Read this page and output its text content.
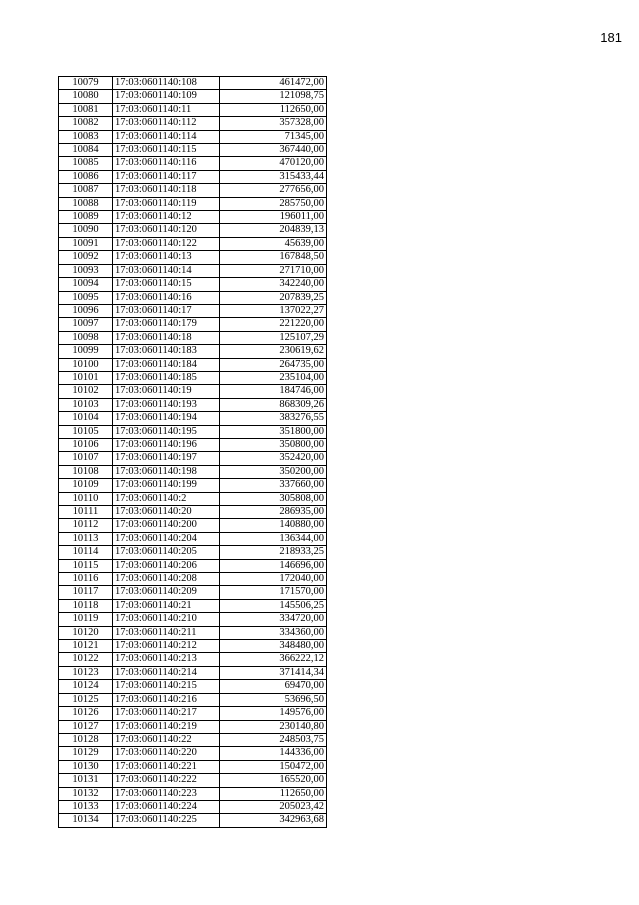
181
10079	17:03:0601140:108	461472,00
10080	17:03:0601140:109	121098,75
10081	17:03:0601140:11	112650,00
10082	17:03:0601140:112	357328,00
10083	17:03:0601140:114	71345,00
10084	17:03:0601140:115	367440,00
10085	17:03:0601140:116	470120,00
10086	17:03:0601140:117	315433,44
10087	17:03:0601140:118	277656,00
10088	17:03:0601140:119	285750,00
10089	17:03:0601140:12	196011,00
10090	17:03:0601140:120	204839,13
10091	17:03:0601140:122	45639,00
10092	17:03:0601140:13	167848,50
10093	17:03:0601140:14	271710,00
10094	17:03:0601140:15	342240,00
10095	17:03:0601140:16	207839,25
10096	17:03:0601140:17	137022,27
10097	17:03:0601140:179	221220,00
10098	17:03:0601140:18	125107,29
10099	17:03:0601140:183	230619,62
10100	17:03:0601140:184	264735,00
10101	17:03:0601140:185	235104,00
10102	17:03:0601140:19	184746,00
10103	17:03:0601140:193	868309,26
10104	17:03:0601140:194	383276,55
10105	17:03:0601140:195	351800,00
10106	17:03:0601140:196	350800,00
10107	17:03:0601140:197	352420,00
10108	17:03:0601140:198	350200,00
10109	17:03:0601140:199	337660,00
10110	17:03:0601140:2	305808,00
10111	17:03:0601140:20	286935,00
10112	17:03:0601140:200	140880,00
10113	17:03:0601140:204	136344,00
10114	17:03:0601140:205	218933,25
10115	17:03:0601140:206	146696,00
10116	17:03:0601140:208	172040,00
10117	17:03:0601140:209	171570,00
10118	17:03:0601140:21	145506,25
10119	17:03:0601140:210	334720,00
10120	17:03:0601140:211	334360,00
10121	17:03:0601140:212	348480,00
10122	17:03:0601140:213	366222,12
10123	17:03:0601140:214	371414,34
10124	17:03:0601140:215	69470,00
10125	17:03:0601140:216	53696,50
10126	17:03:0601140:217	149576,00
10127	17:03:0601140:219	230140,80
10128	17:03:0601140:22	248503,75
10129	17:03:0601140:220	144336,00
10130	17:03:0601140:221	150472,00
10131	17:03:0601140:222	165520,00
10132	17:03:0601140:223	112650,00
10133	17:03:0601140:224	205023,42
10134	17:03:0601140:225	342963,68
